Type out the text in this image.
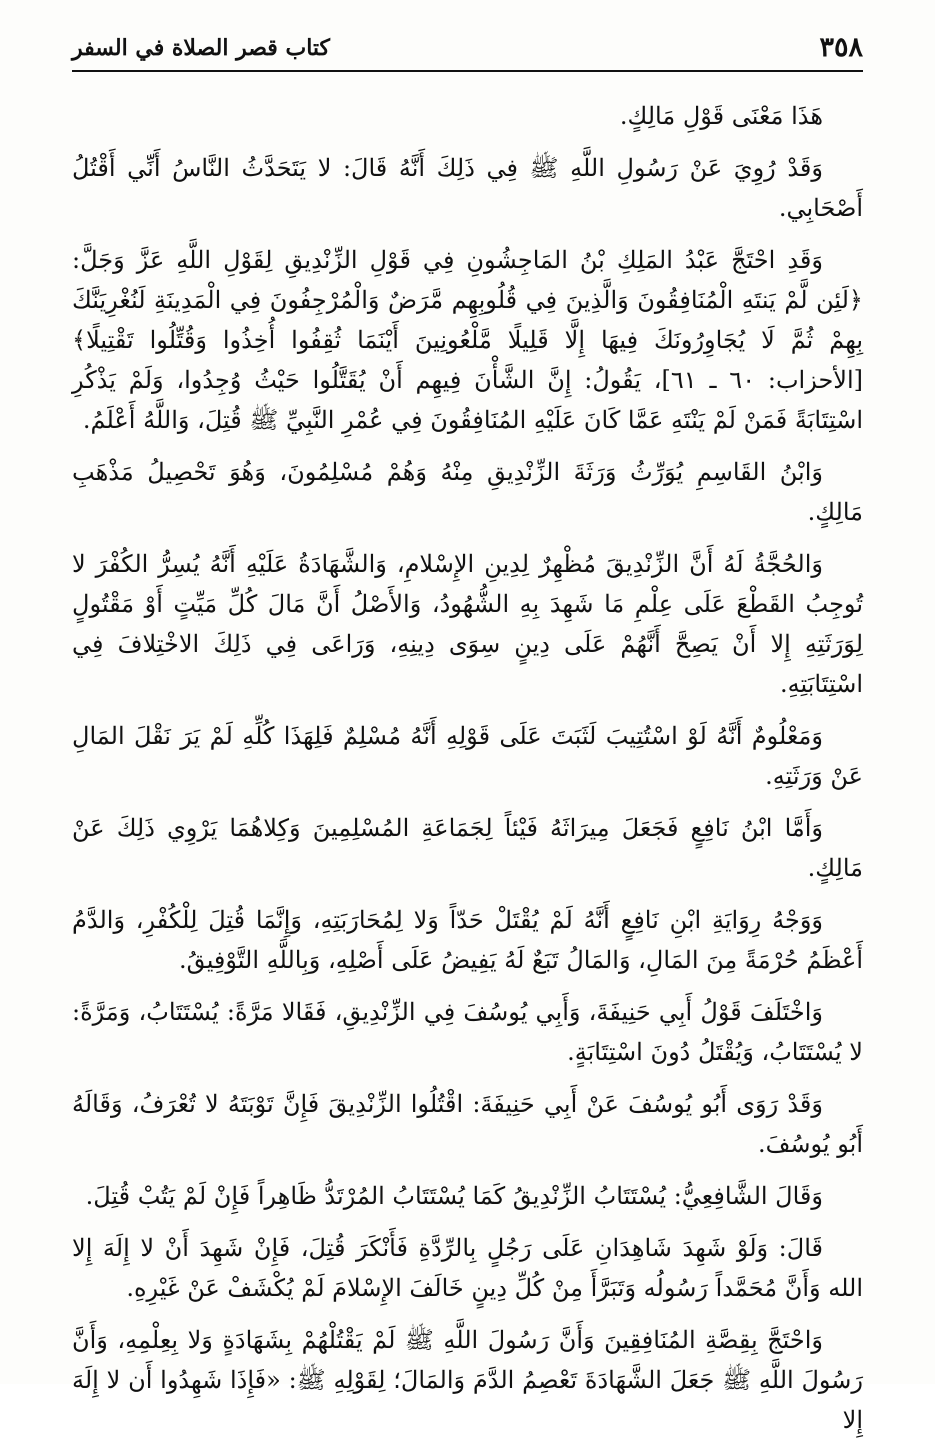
٣٥٨
كتاب قصر الصلاة في السفر

هَذَا مَعْنَى قَوْلِ مَالِكٍ.

وَقَدْ رُوِيَ عَنْ رَسُولِ اللَّهِ ﷺ فِي ذَلِكَ أَنَّهُ قَالَ: لا يَتَحَدَّثُ النَّاسُ أَنِّي أَقْتُلُ أَصْحَابِي.

وَقَدِ احْتَجَّ عَبْدُ المَلِكِ بْنُ المَاجِشُونِ فِي قَوْلِ الزِّنْدِيقِ لِقَوْلِ اللَّهِ عَزَّ وَجَلَّ: ﴿لَئِن لَّمْ يَنتَهِ الْمُنَافِقُونَ وَالَّذِينَ فِي قُلُوبِهِم مَّرَضٌ وَالْمُرْجِفُونَ فِي الْمَدِينَةِ لَنُغْرِيَنَّكَ بِهِمْ ثُمَّ لَا يُجَاوِرُونَكَ فِيهَا إِلَّا قَلِيلًا مَّلْعُونِينَ أَيْنَمَا ثُقِفُوا أُخِذُوا وَقُتِّلُوا تَقْتِيلًا﴾ [الأحزاب: ٦٠ ـ ٦١]، يَقُولُ: إِنَّ الشَّأْنَ فِيهِم أَنْ يُقَتَّلُوا حَيْثُ وُجِدُوا، وَلَمْ يَذْكُرِ اسْتِتَابَةً فَمَنْ لَمْ يَنْتَهِ عَمَّا كَانَ عَلَيْهِ المُنَافِقُونَ فِي عُمْرِ النَّبِيِّ ﷺ قُتِلَ، وَاللَّهُ أَعْلَمُ.

وَابْنُ القَاسِمِ يُوَرِّثُ وَرَثَةَ الزِّنْدِيقِ مِنْهُ وَهُمْ مُسْلِمُونَ، وَهُوَ تَحْصِيلُ مَذْهَبِ مَالِكٍ.

وَالحُجَّةُ لَهُ أَنَّ الزِّنْدِيقَ مُظْهِرٌ لِدِينِ الإِسْلامِ، وَالشَّهَادَةُ عَلَيْهِ أَنَّهُ يُسِرُّ الكُفْرَ لا تُوجِبُ القَطْعَ عَلَى عِلْمِ مَا شَهِدَ بِهِ الشُّهُودُ، وَالأَصْلُ أَنَّ مَالَ كُلِّ مَيِّتٍ أَوْ مَقْتُولٍ لِوَرَثَتِهِ إِلا أَنْ يَصِحَّ أَنَّهُمْ عَلَى دِينٍ سِوَى دِينِهِ، وَرَاعَى فِي ذَلِكَ الاخْتِلافَ فِي اسْتِتَابَتِهِ.

وَمَعْلُومٌ أَنَّهُ لَوْ اسْتُتِيبَ لَثَبَتَ عَلَى قَوْلِهِ أَنَّهُ مُسْلِمٌ فَلِهَذَا كُلِّهِ لَمْ يَرَ نَقْلَ المَالِ عَنْ وَرَثَتِهِ.

وَأَمَّا ابْنُ نَافِعٍ فَجَعَلَ مِيرَاثَهُ فَيْئاً لِجَمَاعَةِ المُسْلِمِينَ وَكِلاهُمَا يَرْوِي ذَلِكَ عَنْ مَالِكٍ.

وَوَجْهُ رِوَايَةِ ابْنِ نَافِعٍ أَنَّهُ لَمْ يُقْتَلْ حَدّاً وَلا لِمُحَارَبَتِهِ، وَإِنَّمَا قُتِلَ لِلْكُفْرِ، وَالدَّمُ أَعْظَمُ حُرْمَةً مِنَ المَالِ، وَالمَالُ تَبَعٌ لَهُ يَفِيضُ عَلَى أَصْلِهِ، وَبِاللَّهِ التَّوْفِيقُ.

وَاخْتَلَفَ قَوْلُ أَبِي حَنِيفَةَ، وَأَبِي يُوسُفَ فِي الزِّنْدِيقِ، فَقَالا مَرَّةً: يُسْتَتَابُ، وَمَرَّةً: لا يُسْتَتَابُ، وَيُقْتَلُ دُونَ اسْتِتَابَةٍ.

وَقَدْ رَوَى أَبُو يُوسُفَ عَنْ أَبِي حَنِيفَةَ: اقْتُلُوا الزِّنْدِيقَ فَإِنَّ تَوْبَتَهُ لا تُعْرَفُ، وَقَالَهُ أَبُو يُوسُفَ.

وَقَالَ الشَّافِعِيُّ: يُسْتَتَابُ الزِّنْدِيقُ كَمَا يُسْتَتَابُ المُرْتَدُّ ظَاهِراً فَإِنْ لَمْ يَتُبْ قُتِلَ.

قَالَ: وَلَوْ شَهِدَ شَاهِدَانِ عَلَى رَجُلٍ بِالرِّدَّةِ فَأَنْكَرَ قُتِلَ، فَإِنْ شَهِدَ أَنْ لا إِلَهَ إِلا الله وَأَنَّ مُحَمَّداً رَسُولُه وَتَبَرَّأَ مِنْ كُلِّ دِينٍ خَالَفَ الإِسْلامَ لَمْ يُكْشَفْ عَنْ غَيْرِهِ.

وَاحْتَجَّ بِقِصَّةِ المُنَافِقِينَ وَأَنَّ رَسُولَ اللَّهِ ﷺ لَمْ يَقْتُلْهُمْ بِشَهَادَةٍ وَلا بِعِلْمِهِ، وَأَنَّ رَسُولَ اللَّهِ ﷺ جَعَلَ الشَّهَادَةَ تَعْصِمُ الدَّمَ وَالمَالَ؛ لِقَوْلِهِ ﷺ: «فَإِذَا شَهِدُوا أَن لا إِلَهَ إِلا
